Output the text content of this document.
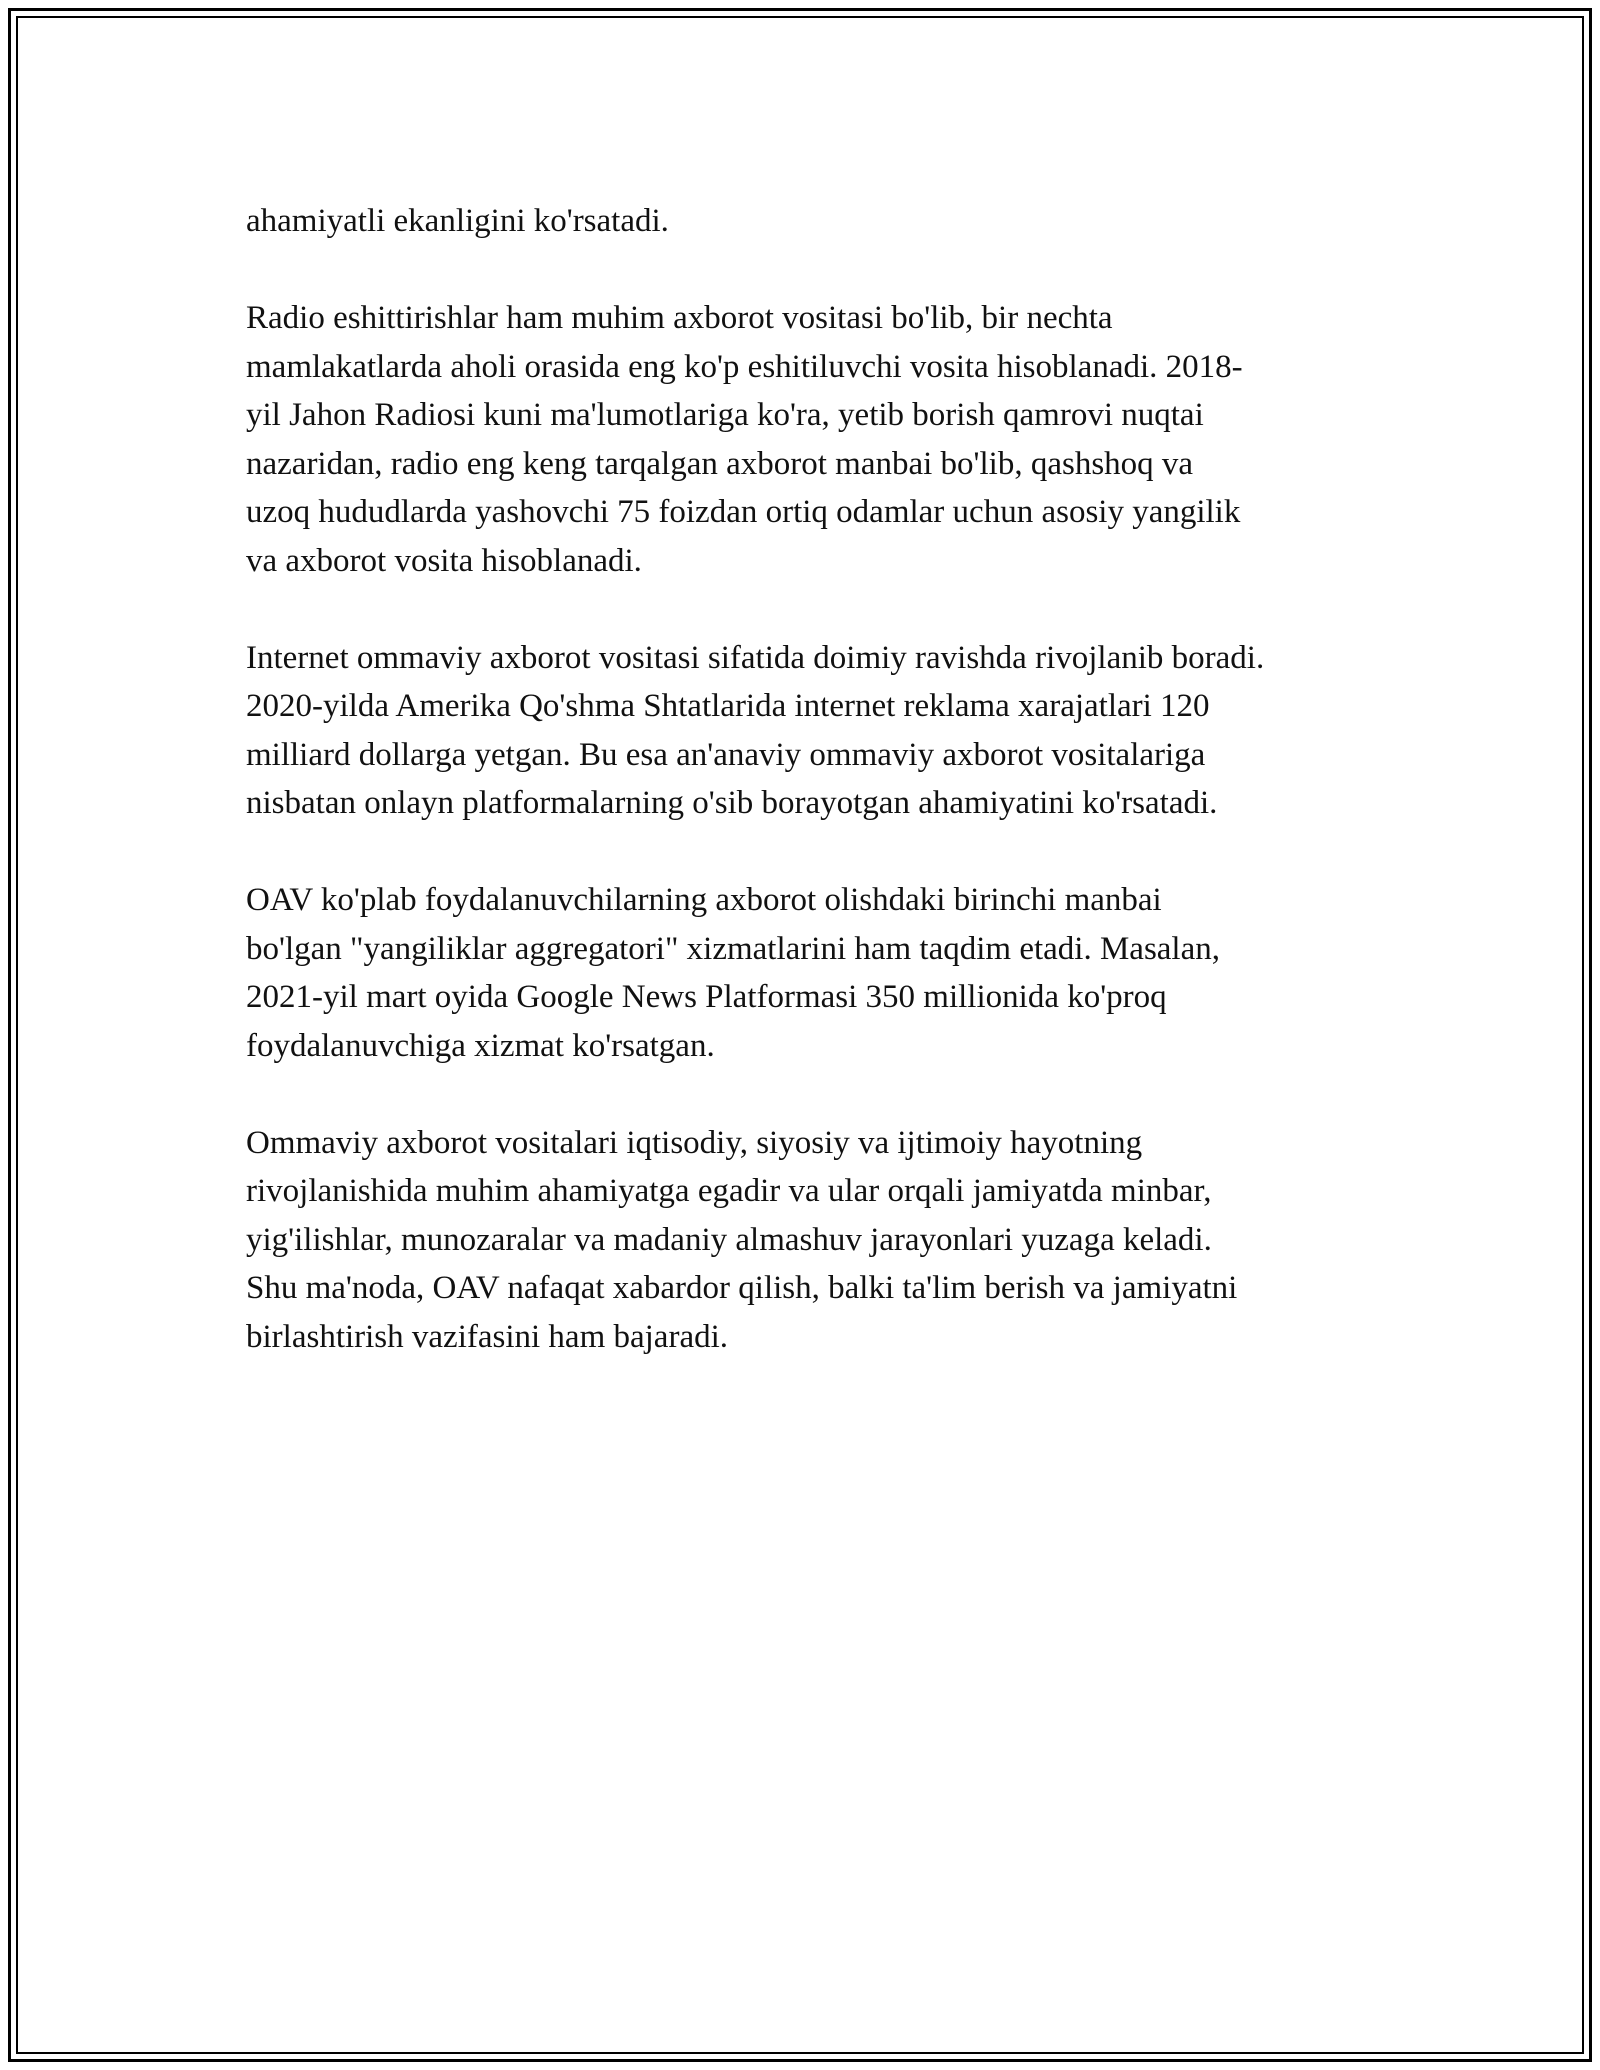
ahamiyatli ekanligini ko'rsatadi.

Radio eshittirishlar ham muhim axborot vositasi bo'lib, bir nechta
mamlakatlarda aholi orasida eng ko'p eshitiluvchi vosita hisoblanadi. 2018-
yil Jahon Radiosi kuni ma'lumotlariga ko'ra, yetib borish qamrovi nuqtai
nazaridan, radio eng keng tarqalgan axborot manbai bo'lib, qashshoq va
uzoq hududlarda yashovchi 75 foizdan ortiq odamlar uchun asosiy yangilik
va axborot vosita hisoblanadi.

Internet ommaviy axborot vositasi sifatida doimiy ravishda rivojlanib boradi.
2020-yilda Amerika Qo'shma Shtatlarida internet reklama xarajatlari 120
milliard dollarga yetgan. Bu esa an'anaviy ommaviy axborot vositalariga
nisbatan onlayn platformalarning o'sib borayotgan ahamiyatini ko'rsatadi.

OAV ko'plab foydalanuvchilarning axborot olishdaki birinchi manbai
bo'lgan "yangiliklar aggregatori" xizmatlarini ham taqdim etadi. Masalan,
2021-yil mart oyida Google News Platformasi 350 millionida ko'proq
foydalanuvchiga xizmat ko'rsatgan.

Ommaviy axborot vositalari iqtisodiy, siyosiy va ijtimoiy hayotning
rivojlanishida muhim ahamiyatga egadir va ular orqali jamiyatda minbar,
yig'ilishlar, munozaralar va madaniy almashuv jarayonlari yuzaga keladi.
Shu ma'noda, OAV nafaqat xabardor qilish, balki ta'lim berish va jamiyatni
birlashtirish vazifasini ham bajaradi.
